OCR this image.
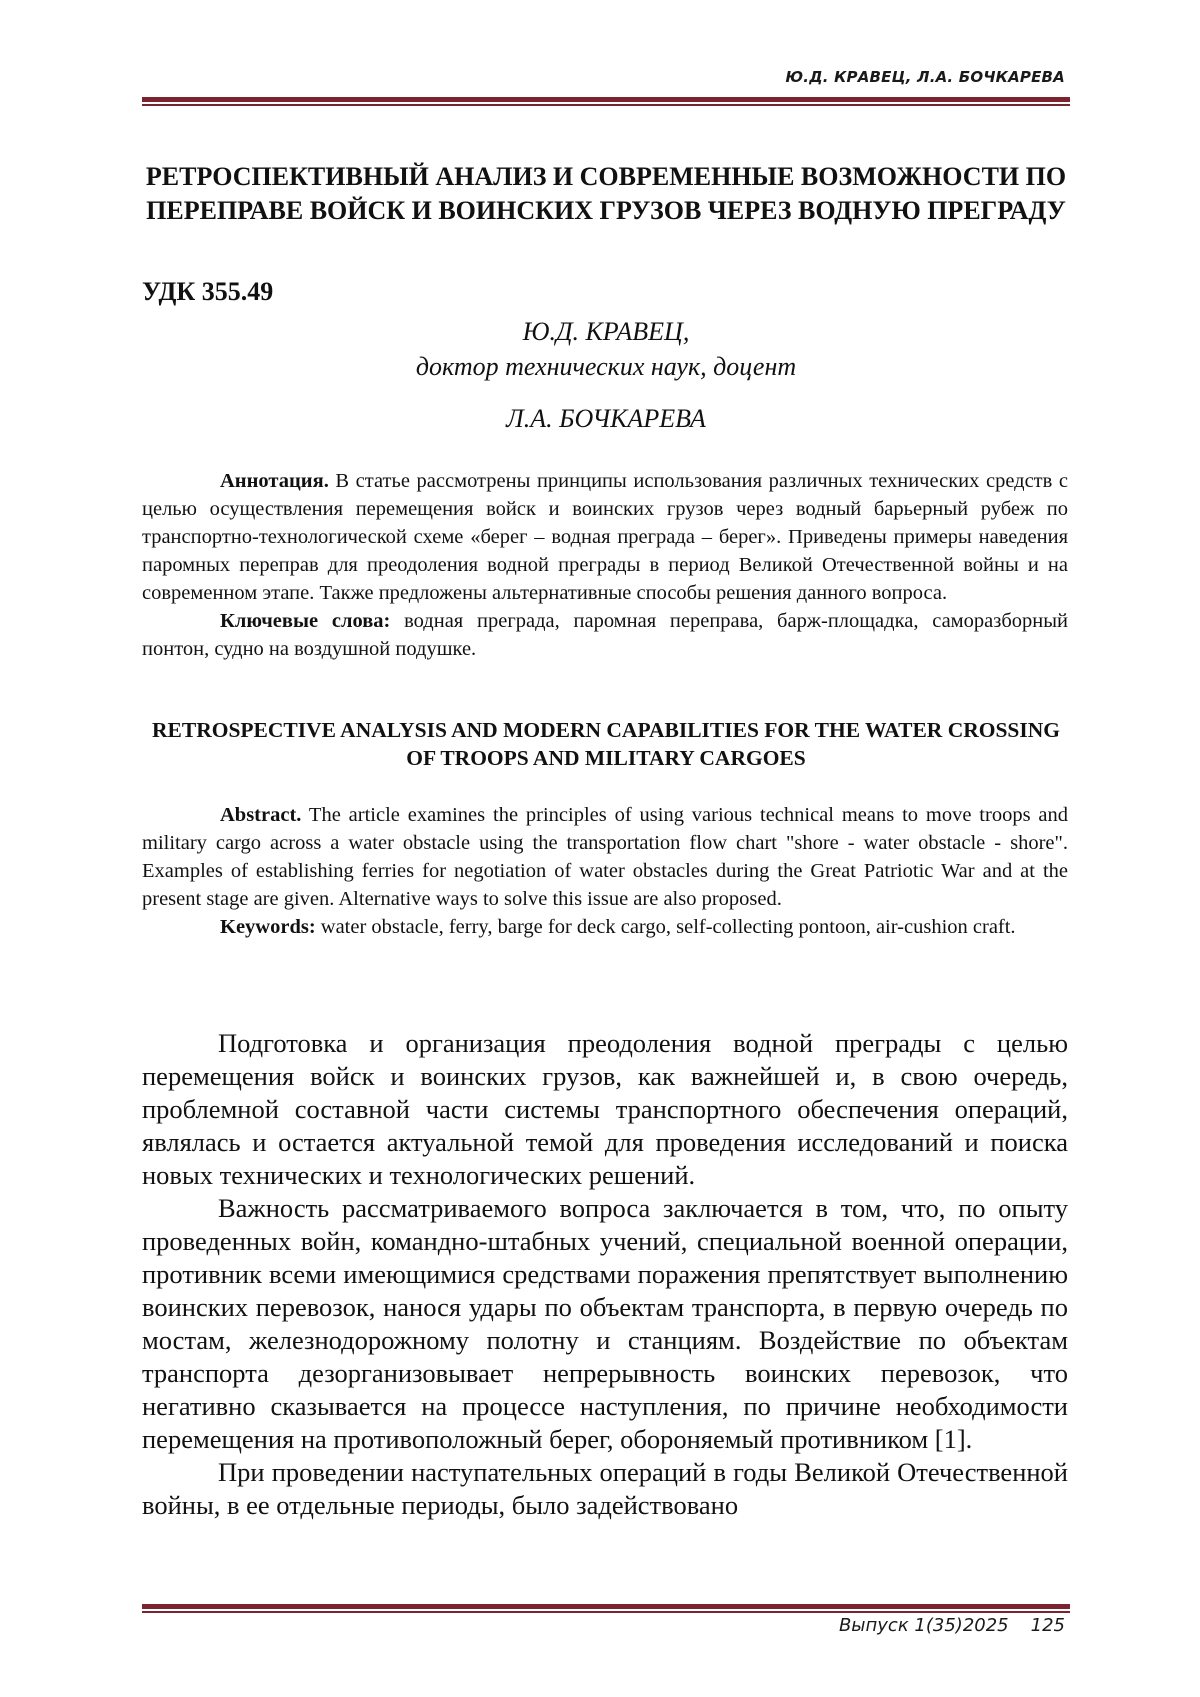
Ю.Д. КРАВЕЦ, Л.А. БОЧКАРЕВА
РЕТРОСПЕКТИВНЫЙ АНАЛИЗ И СОВРЕМЕННЫЕ ВОЗМОЖНОСТИ ПО ПЕРЕПРАВЕ ВОЙСК И ВОИНСКИХ ГРУЗОВ ЧЕРЕЗ ВОДНУЮ ПРЕГРАДУ
УДК 355.49
Ю.Д. КРАВЕЦ,
доктор технических наук, доцент
Л.А. БОЧКАРЕВА

Аннотация. В статье рассмотрены принципы использования различных технических средств с целью осуществления перемещения войск и воинских грузов через водный барьерный рубеж по транспортно-технологической схеме «берег – водная преграда – берег». Приведены примеры наведения паромных переправ для преодоления водной преграды в период Великой Отечественной войны и на современном этапе. Также предложены альтернативные способы решения данного вопроса.

Ключевые слова: водная преграда, паромная переправа, барж-площадка, саморазборный понтон, судно на воздушной подушке.

RETROSPECTIVE ANALYSIS AND MODERN CAPABILITIES FOR THE WATER CROSSING OF TROOPS AND MILITARY CARGOES

Abstract. The article examines the principles of using various technical means to move troops and military cargo across a water obstacle using the transportation flow chart "shore - water obstacle - shore". Examples of establishing ferries for negotiation of water obstacles during the Great Patriotic War and at the present stage are given. Alternative ways to solve this issue are also proposed.

Keywords: water obstacle, ferry, barge for deck cargo, self-collecting pontoon, air-cushion craft.

Подготовка и организация преодоления водной преграды с целью перемещения войск и воинских грузов, как важнейшей и, в свою очередь, проблемной составной части системы транспортного обеспечения операций, являлась и остается актуальной темой для проведения исследований и поиска новых технических и технологических решений.

Важность рассматриваемого вопроса заключается в том, что, по опыту проведенных войн, командно-штабных учений, специальной военной операции, противник всеми имеющимися средствами поражения препятствует выполнению воинских перевозок, нанося удары по объектам транспорта, в первую очередь по мостам, железнодорожному полотну и станциям. Воздействие по объектам транспорта дезорганизовывает непрерывность воинских перевозок, что негативно сказывается на процессе наступления, по причине необходимости перемещения на противоположный берег, обороняемый противником [1].

При проведении наступательных операций в годы Великой Отечественной войны, в ее отдельные периоды, было задействовано

Выпуск 1(35)2025 125
